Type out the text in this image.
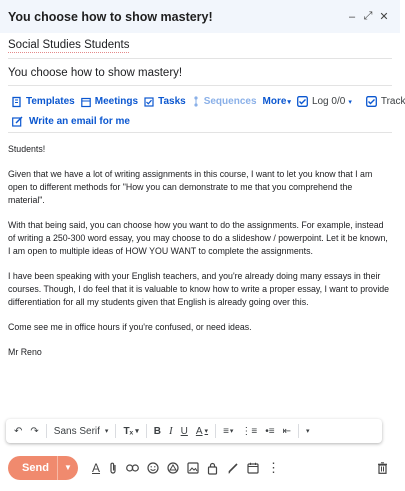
You choose how to show mastery!	– ⤢ ✕
Social Studies Students
You choose how to show mastery!
Templates Meetings Tasks Sequences More ▾ Log 0/0 ▾	Track
Write an email for me

Students!

Given that we have a lot of writing assignments in this course, I want to let you know that I am open to different methods for "How you can demonstrate to me that you comprehend the material".

With that being said, you can choose how you want to do the assignments. For example, instead of writing a 250-300 word essay, you may choose to do a slideshow / powerpoint. Let it be known, I am open to multiple ideas of HOW YOU WANT to complete the assignments.

I have been speaking with your English teachers, and you're already doing many essays in their courses. Though, I do feel that it is valuable to know how to write a proper essay, I want to provide differentiation for all my students given that English is already going over this.

Come see me in office hours if you're confused, or need ideas.

Mr Reno

↶ ↷	Sans Serif ▾	Tₓ ▾	B I U A ▾	≡ ▾ ⋮≡ •≡ ⇤	▾
Send	▼	A	⋮
